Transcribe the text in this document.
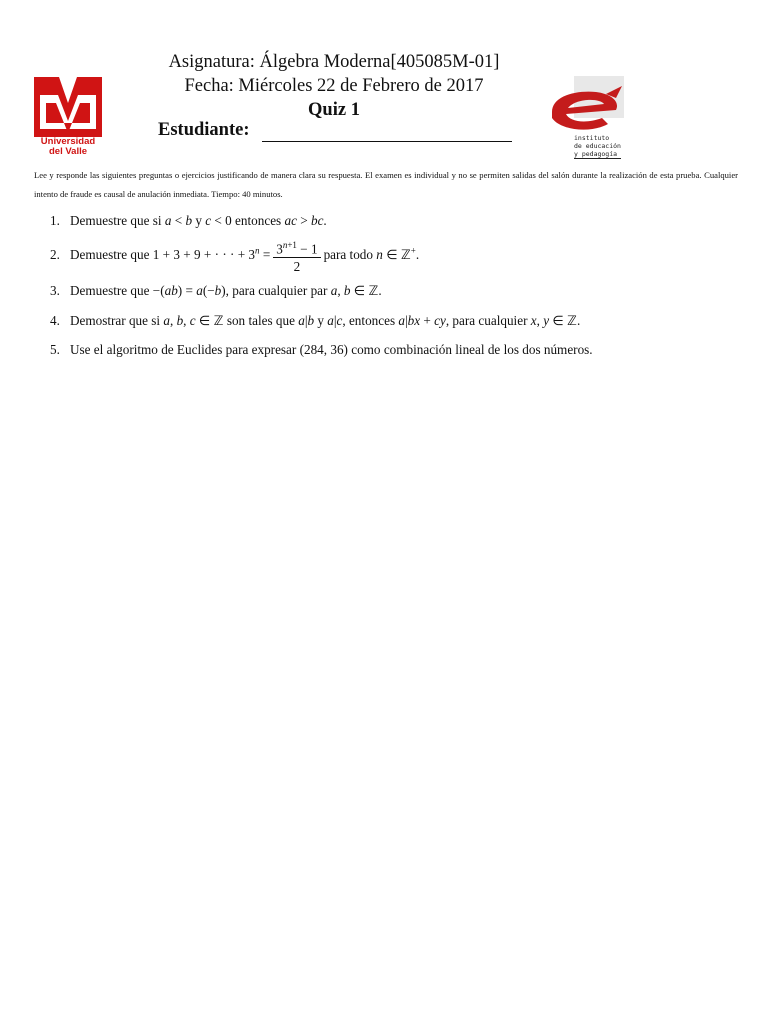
Universidad
del Valle
instituto
de educación
y pedagogía
Asignatura: Álgebra Moderna[405085M-01]
Fecha: Miércoles 22 de Febrero de 2017
Quiz 1
Estudiante:
Lee y responde las siguientes preguntas o ejercicios justificando de manera clara su respuesta. El examen es individual y no se permiten salidas del salón durante la realización de esta prueba. Cualquier intento de fraude es causal de anulación inmediata. Tiempo: 40 minutos.
1. Demuestre que si a < b y c < 0 entonces ac > bc.
2. Demuestre que 1 + 3 + 9 + · · · + $3^n = \frac{3^{n+1} - 1}{2}$ para todo n ∈ ℤ+.
3. Demuestre que −(ab) = a(−b), para cualquier par a, b ∈ ℤ.
4. Demostrar que si a, b, c ∈ ℤ son tales que a|b y a|c, entonces a|bx + cy, para cualquier x, y ∈ ℤ.
5. Use el algoritmo de Euclides para expresar (284, 36) como combinación lineal de los dos números.
